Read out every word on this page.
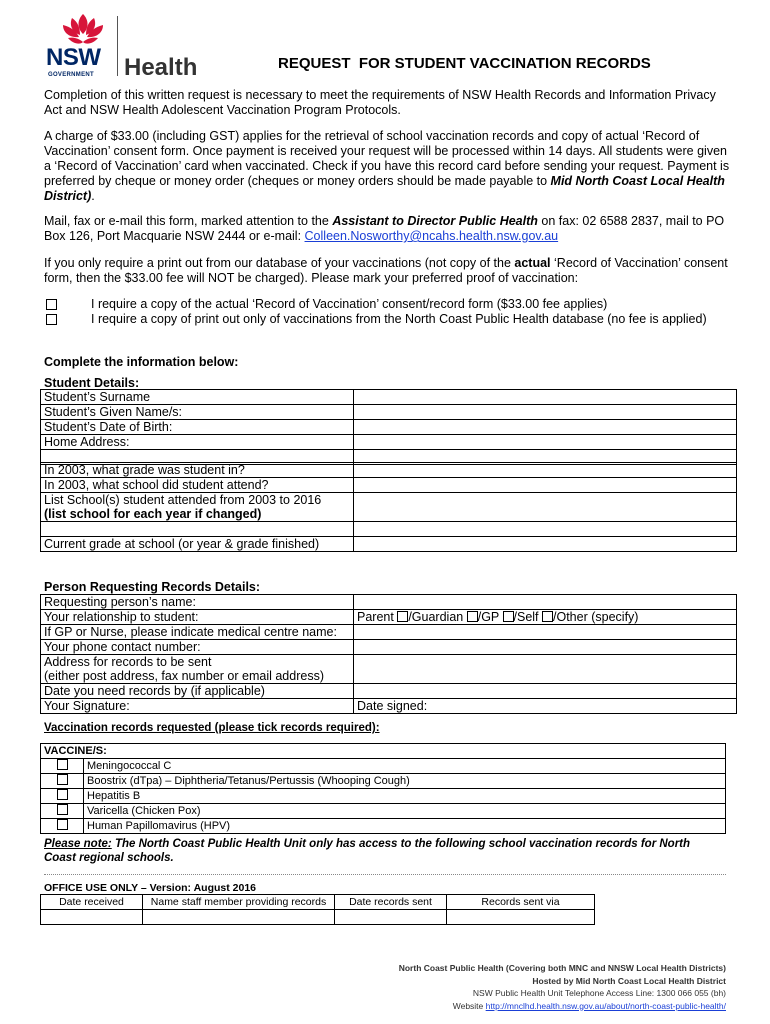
NSW
GOVERNMENT Health	REQUEST  FOR STUDENT VACCINATION RECORDS
Completion of this written request is necessary to meet the requirements of NSW Health Records and Information Privacy Act and NSW Health Adolescent Vaccination Program Protocols.
A charge of $33.00 (including GST) applies for the retrieval of school vaccination records and copy of actual ‘Record of Vaccination’ consent form. Once payment is received your request will be processed within 14 days. All students were given a ‘Record of Vaccination’ card when vaccinated. Check if you have this record card before sending your request. Payment is preferred by cheque or money order (cheques or money orders should be made payable to Mid North Coast Local Health District).
Mail, fax or e-mail this form, marked attention to the Assistant to Director Public Health on fax: 02 6588 2837, mail to PO Box 126, Port Macquarie NSW 2444 or e-mail: Colleen.Nosworthy@ncahs.health.nsw.gov.au
If you only require a print out from our database of your vaccinations (not copy of the actual ‘Record of Vaccination’ consent form, then the $33.00 fee will NOT be charged). Please mark your preferred proof of vaccination:
I require a copy of the actual ‘Record of Vaccination’ consent/record form ($33.00 fee applies)
I require a copy of print out only of vaccinations from the North Coast Public Health database (no fee is applied)
Complete the information below:
Student Details:
Student’s Surname	
Student’s Given Name/s:	
Student’s Date of Birth:	
Home Address:	

In 2003, what grade was student in?	
In 2003, what school did student attend?	
List School(s) student attended from 2003 to 2016
(list school for each year if changed)	

Current grade at school (or year & grade finished)	
Person Requesting Records Details:
Requesting person’s name:	
Your relationship to student:	Parent /Guardian /GP /Self /Other (specify)
If GP or Nurse, please indicate medical centre name:	
Your phone contact number:	
Address for records to be sent
(either post address, fax number or email address)	
Date you need records by (if applicable)	
Your Signature:	Date signed:
Vaccination records requested (please tick records required):
VACCINE/S:	
	Meningococcal C
	Boostrix (dTpa) – Diphtheria/Tetanus/Pertussis (Whooping Cough)
	Hepatitis B
	Varicella (Chicken Pox)
	Human Papillomavirus (HPV)
Please note: The North Coast Public Health Unit only has access to the following school vaccination records for North Coast regional schools.
OFFICE USE ONLY – Version: August 2016
Date received	Name staff member providing records	Date records sent	Records sent via

North Coast Public Health (Covering both MNC and NNSW Local Health Districts)
Hosted by Mid North Coast Local Health District
NSW Public Health Unit Telephone Access Line: 1300 066 055 (bh)
Website http://mnclhd.health.nsw.gov.au/about/north-coast-public-health/
